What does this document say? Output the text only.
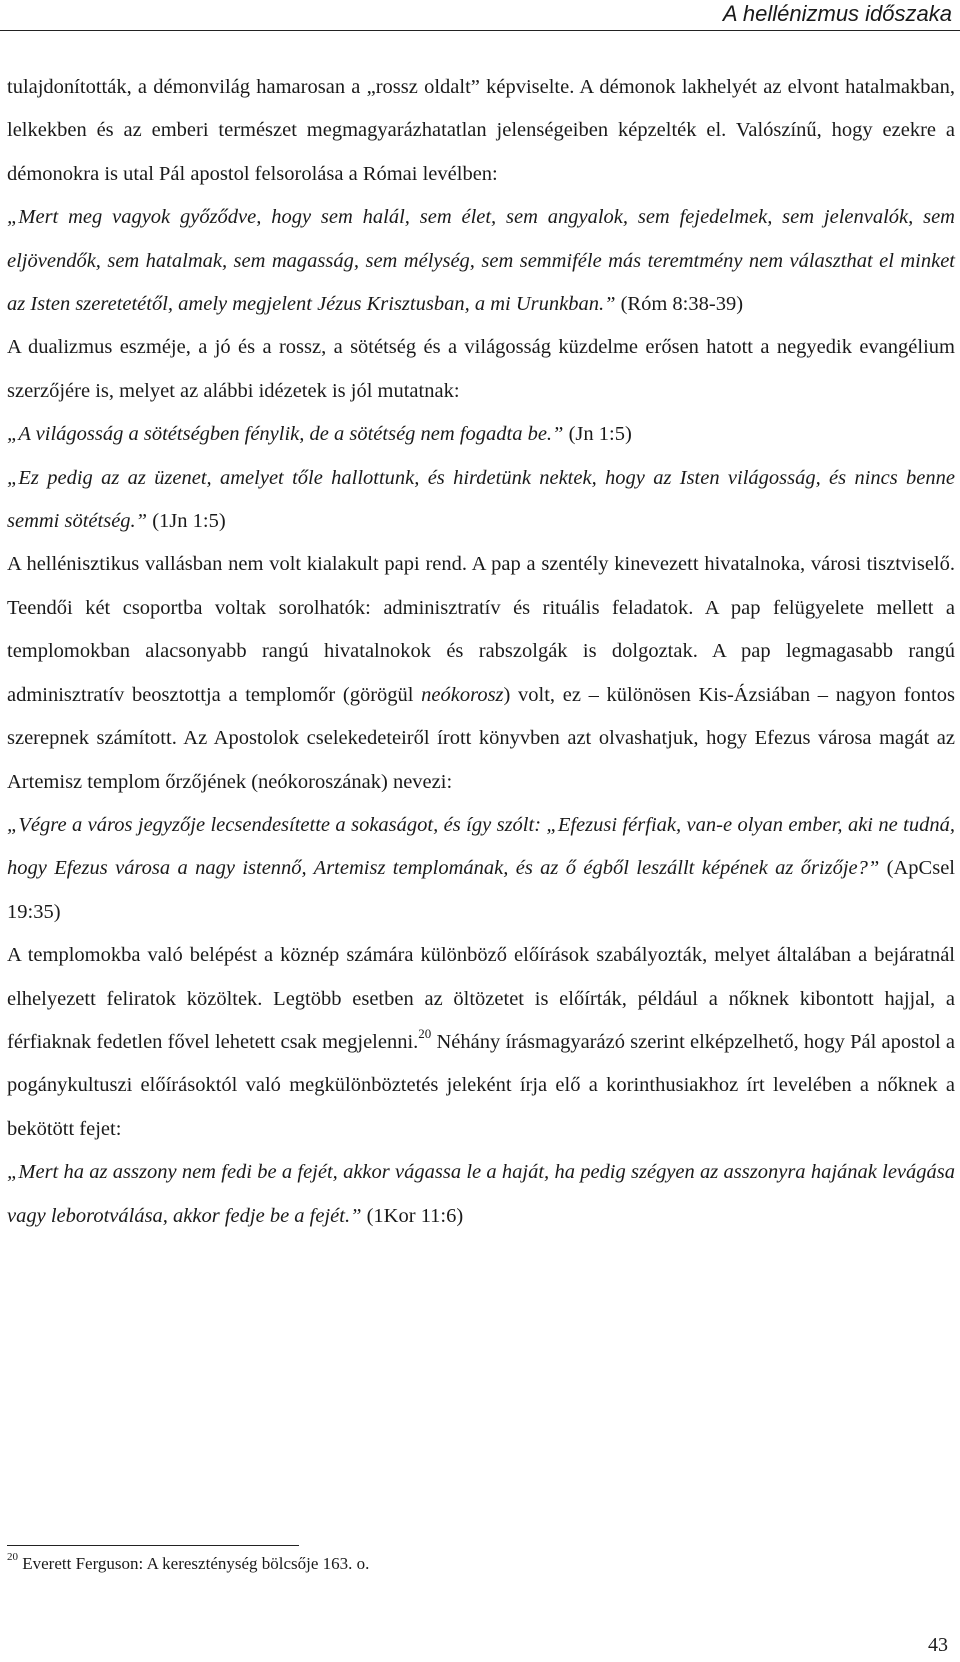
A hellénizmus időszaka

tulajdonították, a démonvilág hamarosan a „rossz oldalt” képviselte. A démonok lakhelyét az elvont hatalmakban, lelkekben és az emberi természet megmagyarázhatatlan jelenségeiben képzelték el. Valószínű, hogy ezekre a démonokra is utal Pál apostol felsorolása a Római levélben:

„Mert meg vagyok győződve, hogy sem halál, sem élet, sem angyalok, sem fejedelmek, sem jelenvalók, sem eljövendők, sem hatalmak, sem magasság, sem mélység, sem semmiféle más teremtmény nem választhat el minket az Isten szeretetétől, amely megjelent Jézus Krisztusban, a mi Urunkban.” (Róm 8:38-39)

A dualizmus eszméje, a jó és a rossz, a sötétség és a világosság küzdelme erősen hatott a negyedik evangélium szerzőjére is, melyet az alábbi idézetek is jól mutatnak:

„A világosság a sötétségben fénylik, de a sötétség nem fogadta be.” (Jn 1:5)

„Ez pedig az az üzenet, amelyet tőle hallottunk, és hirdetünk nektek, hogy az Isten világosság, és nincs benne semmi sötétség.” (1Jn 1:5)

A hellénisztikus vallásban nem volt kialakult papi rend. A pap a szentély kinevezett hivatalnoka, városi tisztviselő. Teendői két csoportba voltak sorolhatók: adminisztratív és rituális feladatok. A pap felügyelete mellett a templomokban alacsonyabb rangú hivatalnokok és rabszolgák is dolgoztak. A pap legmagasabb rangú adminisztratív beosztottja a templomőr (görögül neókorosz) volt, ez – különösen Kis-Ázsiában – nagyon fontos szerepnek számított. Az Apostolok cselekedeteiről írott könyvben azt olvashatjuk, hogy Efezus városa magát az Artemisz templom őrzőjének (neókoroszának) nevezi:

„Végre a város jegyzője lecsendesítette a sokaságot, és így szólt: „Efezusi férfiak, van-e olyan ember, aki ne tudná, hogy Efezus városa a nagy istennő, Artemisz templomának, és az ő égből leszállt képének az őrizője?” (ApCsel 19:35)

A templomokba való belépést a köznép számára különböző előírások szabályozták, melyet általában a bejáratnál elhelyezett feliratok közöltek. Legtöbb esetben az öltözetet is előírták, például a nőknek kibontott hajjal, a férfiaknak fedetlen fővel lehetett csak megjelenni.$^{20}$ Néhány írásmagyarázó szerint elképzelhető, hogy Pál apostol a pogánykultuszi előírásoktól való megkülönböztetés jeleként írja elő a korinthusiakhoz írt levelében a nőknek a bekötött fejet:

„Mert ha az asszony nem fedi be a fejét, akkor vágassa le a haját, ha pedig szégyen az asszonyra hajának levágása vagy leborotválása, akkor fedje be a fejét.” (1Kor 11:6)

$^{20}$ Everett Ferguson: A kereszténység bölcsője 163. o.
43
